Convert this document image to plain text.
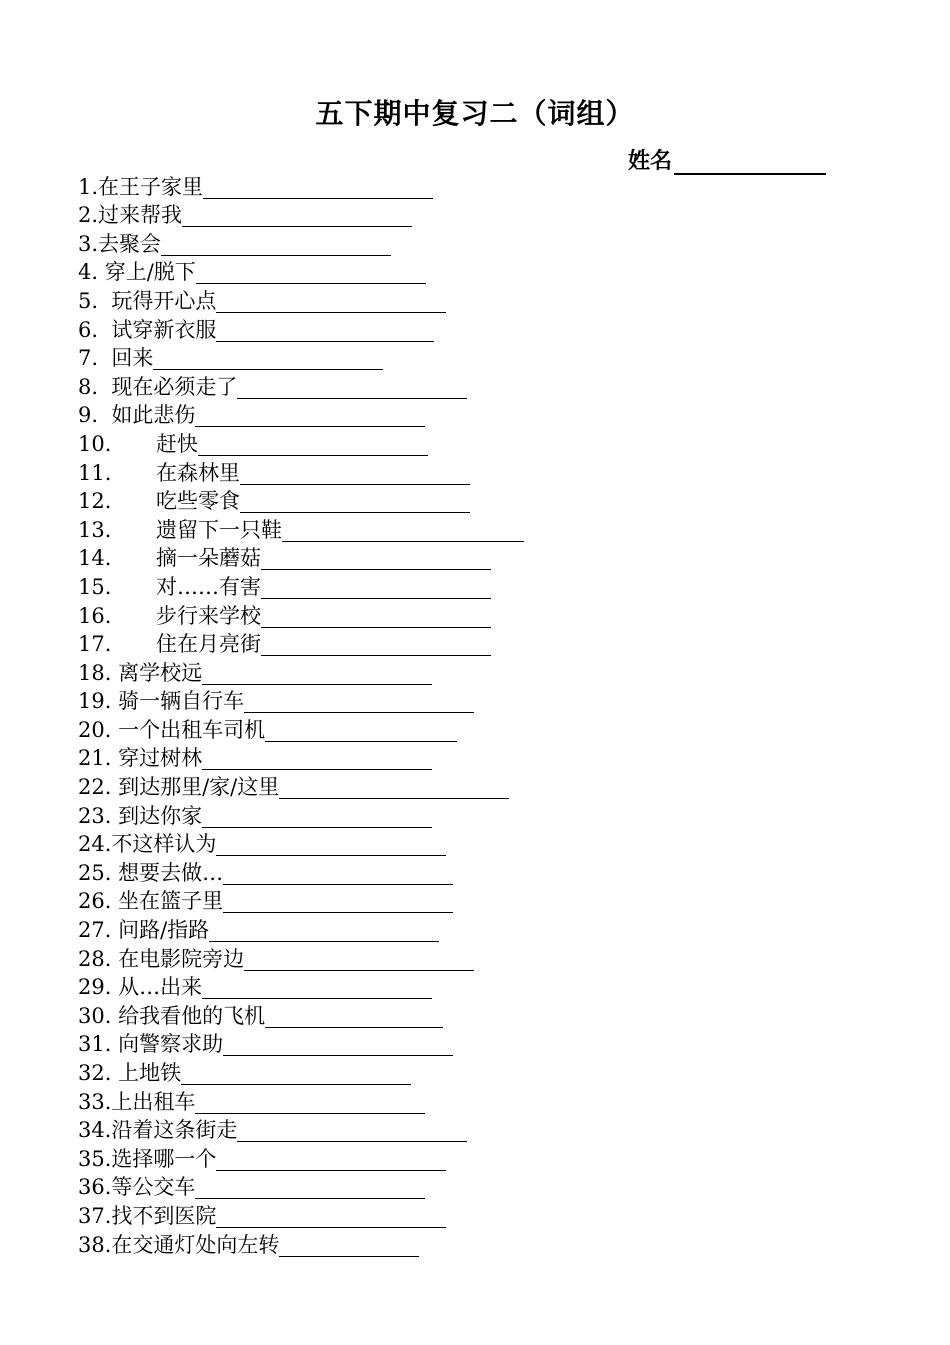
五下期中复习二（词组）
姓名
1. 在王子家里
2. 过来帮我
3. 去聚会
4. 穿上/脱下
5. 玩得开心点
6. 试穿新衣服
7. 回来
8. 现在必须走了
9. 如此悲伤
10.	赶快
11.	在森林里
12.	吃些零食
13.	遗留下一只鞋
14.	摘一朵蘑菇
15.	对……有害
16.	步行来学校
17.	住在月亮街
18. 离学校远
19. 骑一辆自行车
20. 一个出租车司机
21. 穿过树林
22. 到达那里/家/这里
23. 到达你家
24. 不这样认为
25. 想要去做…
26. 坐在篮子里
27. 问路/指路
28. 在电影院旁边
29. 从…出来
30. 给我看他的飞机
31. 向警察求助
32. 上地铁
33. 上出租车
34. 沿着这条街走
35. 选择哪一个
36. 等公交车
37. 找不到医院
38. 在交通灯处向左转
